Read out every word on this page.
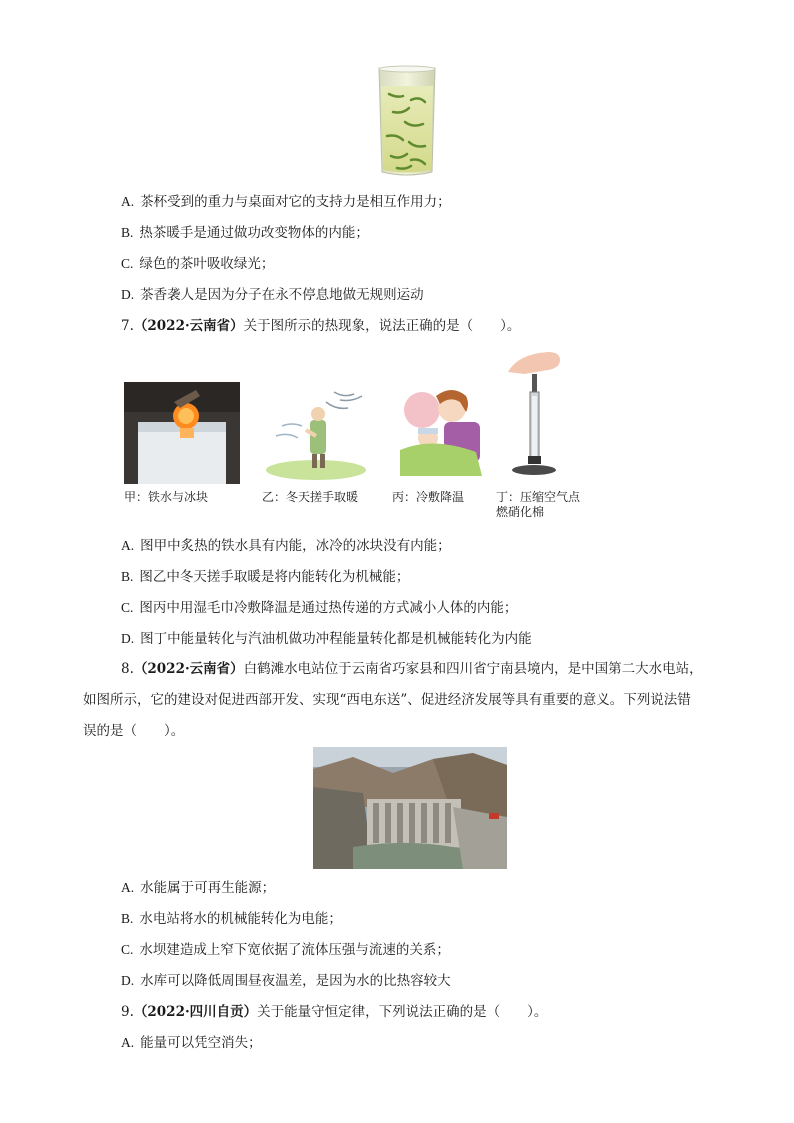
A. 茶杯受到的重力与桌面对它的支持力是相互作用力；
B. 热茶暖手是通过做功改变物体的内能；
C. 绿色的茶叶吸收绿光；
D. 茶香袭人是因为分子在永不停息地做无规则运动
7.（2022·云南省）关于图所示的热现象，说法正确的是（　　）。
甲：铁水与冰块	乙：冬天搓手取暖	丙：冷敷降温	丁：压缩空气点
燃硝化棉
A. 图甲中炙热的铁水具有内能，冰冷的冰块没有内能；
B. 图乙中冬天搓手取暖是将内能转化为机械能；
C. 图丙中用湿毛巾冷敷降温是通过热传递的方式减小人体的内能；
D. 图丁中能量转化与汽油机做功冲程能量转化都是机械能转化为内能
8.（2022·云南省）白鹤滩水电站位于云南省巧家县和四川省宁南县境内，是中国第二大水电站，如图所示，它的建设对促进西部开发、实现“西电东送”、促进经济发展等具有重要的意义。下列说法错误的是（　　）。
A. 水能属于可再生能源；
B. 水电站将水的机械能转化为电能；
C. 水坝建造成上窄下宽依据了流体压强与流速的关系；
D. 水库可以降低周围昼夜温差，是因为水的比热容较大
9.（2022·四川自贡）关于能量守恒定律，下列说法正确的是（　　）。
A. 能量可以凭空消失；
